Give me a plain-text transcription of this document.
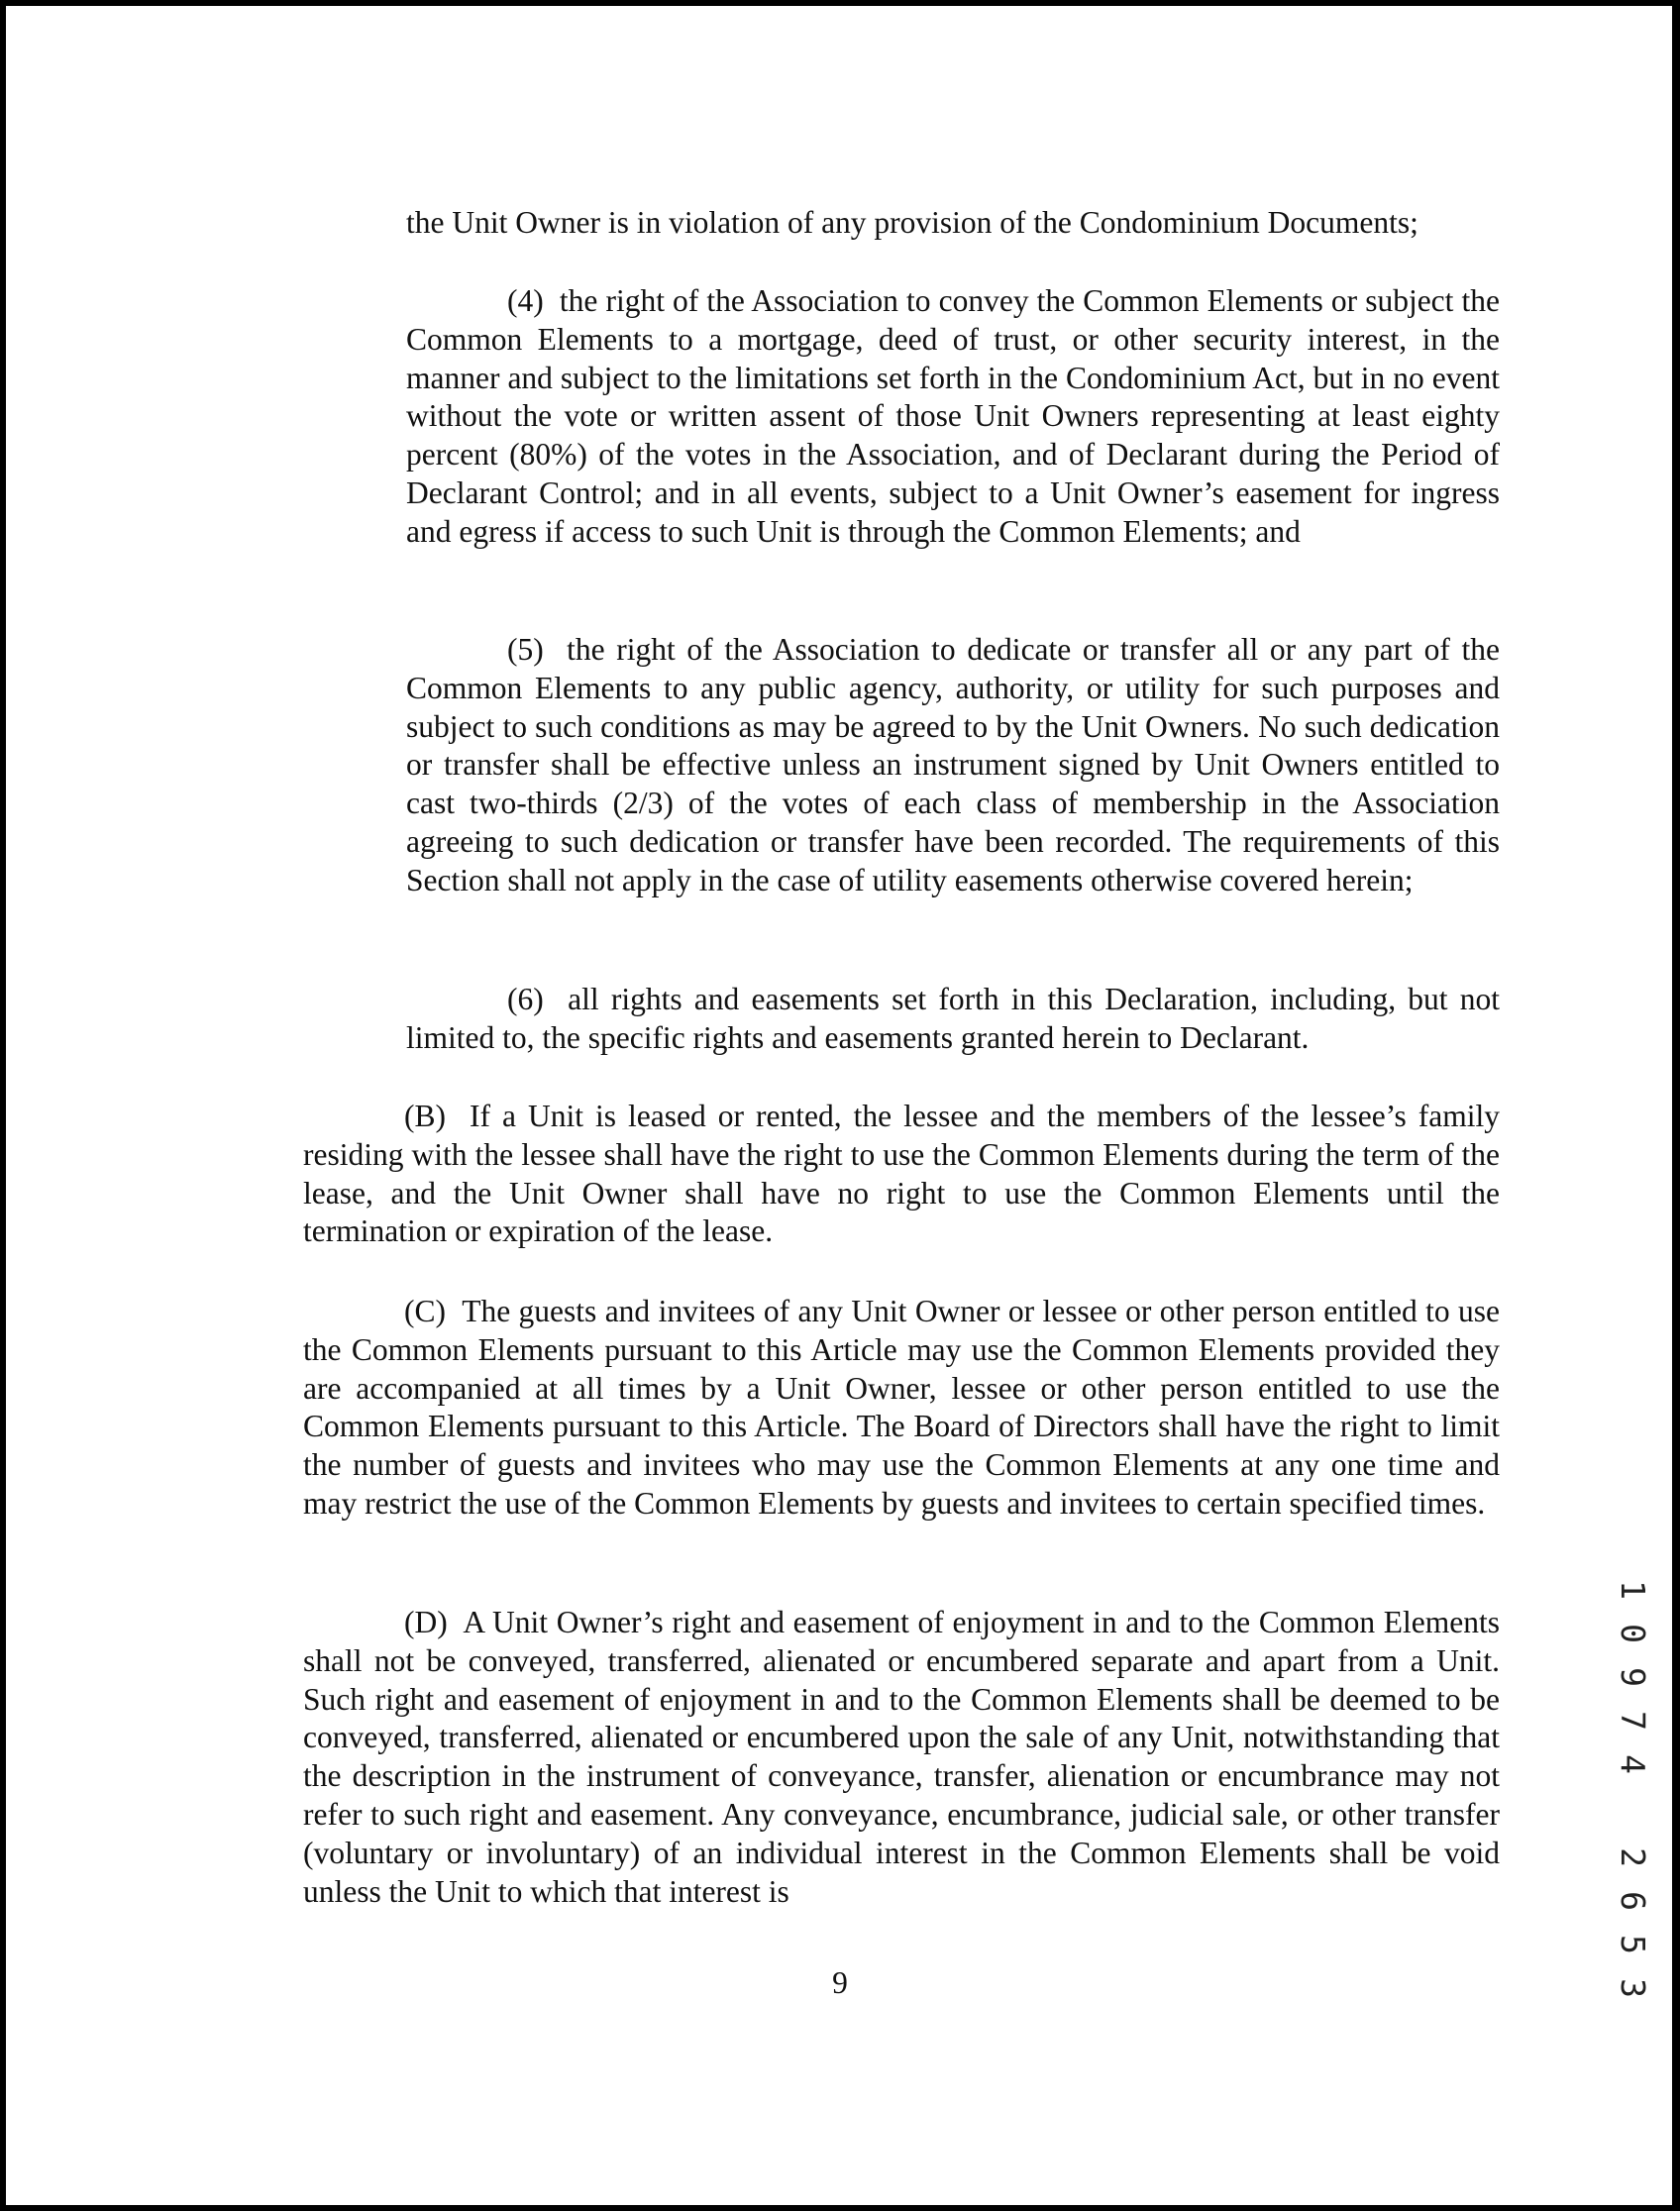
the Unit Owner is in violation of any provision of the Condominium Documents;

(4)  the right of the Association to convey the Common Elements or subject the Common Elements to a mortgage, deed of trust, or other security interest, in the manner and subject to the limitations set forth in the Condominium Act, but in no event without the vote or written assent of those Unit Owners representing at least eighty percent (80%) of the votes in the Association, and of Declarant during the Period of Declarant Control; and in all events, subject to a Unit Owner’s easement for ingress and egress if access to such Unit is through the Common Elements; and

(5)  the right of the Association to dedicate or transfer all or any part of the Common Elements to any public agency, authority, or utility for such purposes and subject to such conditions as may be agreed to by the Unit Owners. No such dedication or transfer shall be effective unless an instrument signed by Unit Owners entitled to cast two-thirds (2/3) of the votes of each class of membership in the Association agreeing to such dedication or transfer have been recorded. The requirements of this Section shall not apply in the case of utility easements otherwise covered herein;

(6)  all rights and easements set forth in this Declaration, including, but not limited to, the specific rights and easements granted herein to Declarant.

(B)  If a Unit is leased or rented, the lessee and the members of the lessee’s family residing with the lessee shall have the right to use the Common Elements during the term of the lease, and the Unit Owner shall have no right to use the Common Elements until the termination or expiration of the lease.

(C)  The guests and invitees of any Unit Owner or lessee or other person entitled to use the Common Elements pursuant to this Article may use the Common Elements provided they are accompanied at all times by a Unit Owner, lessee or other person entitled to use the Common Elements pursuant to this Article. The Board of Directors shall have the right to limit the number of guests and invitees who may use the Common Elements at any one time and may restrict the use of the Common Elements by guests and invitees to certain specified times.

(D)  A Unit Owner’s right and easement of enjoyment in and to the Common Elements shall not be conveyed, transferred, alienated or encumbered separate and apart from a Unit. Such right and easement of enjoyment in and to the Common Elements shall be deemed to be conveyed, transferred, alienated or encumbered upon the sale of any Unit, notwithstanding that the description in the instrument of conveyance, transfer, alienation or encumbrance may not refer to such right and easement. Any conveyance, encumbrance, judicial sale, or other transfer (voluntary or involuntary) of an individual interest in the Common Elements shall be void unless the Unit to which that interest is

9
1
0
9
7
4
2
6
5
3
